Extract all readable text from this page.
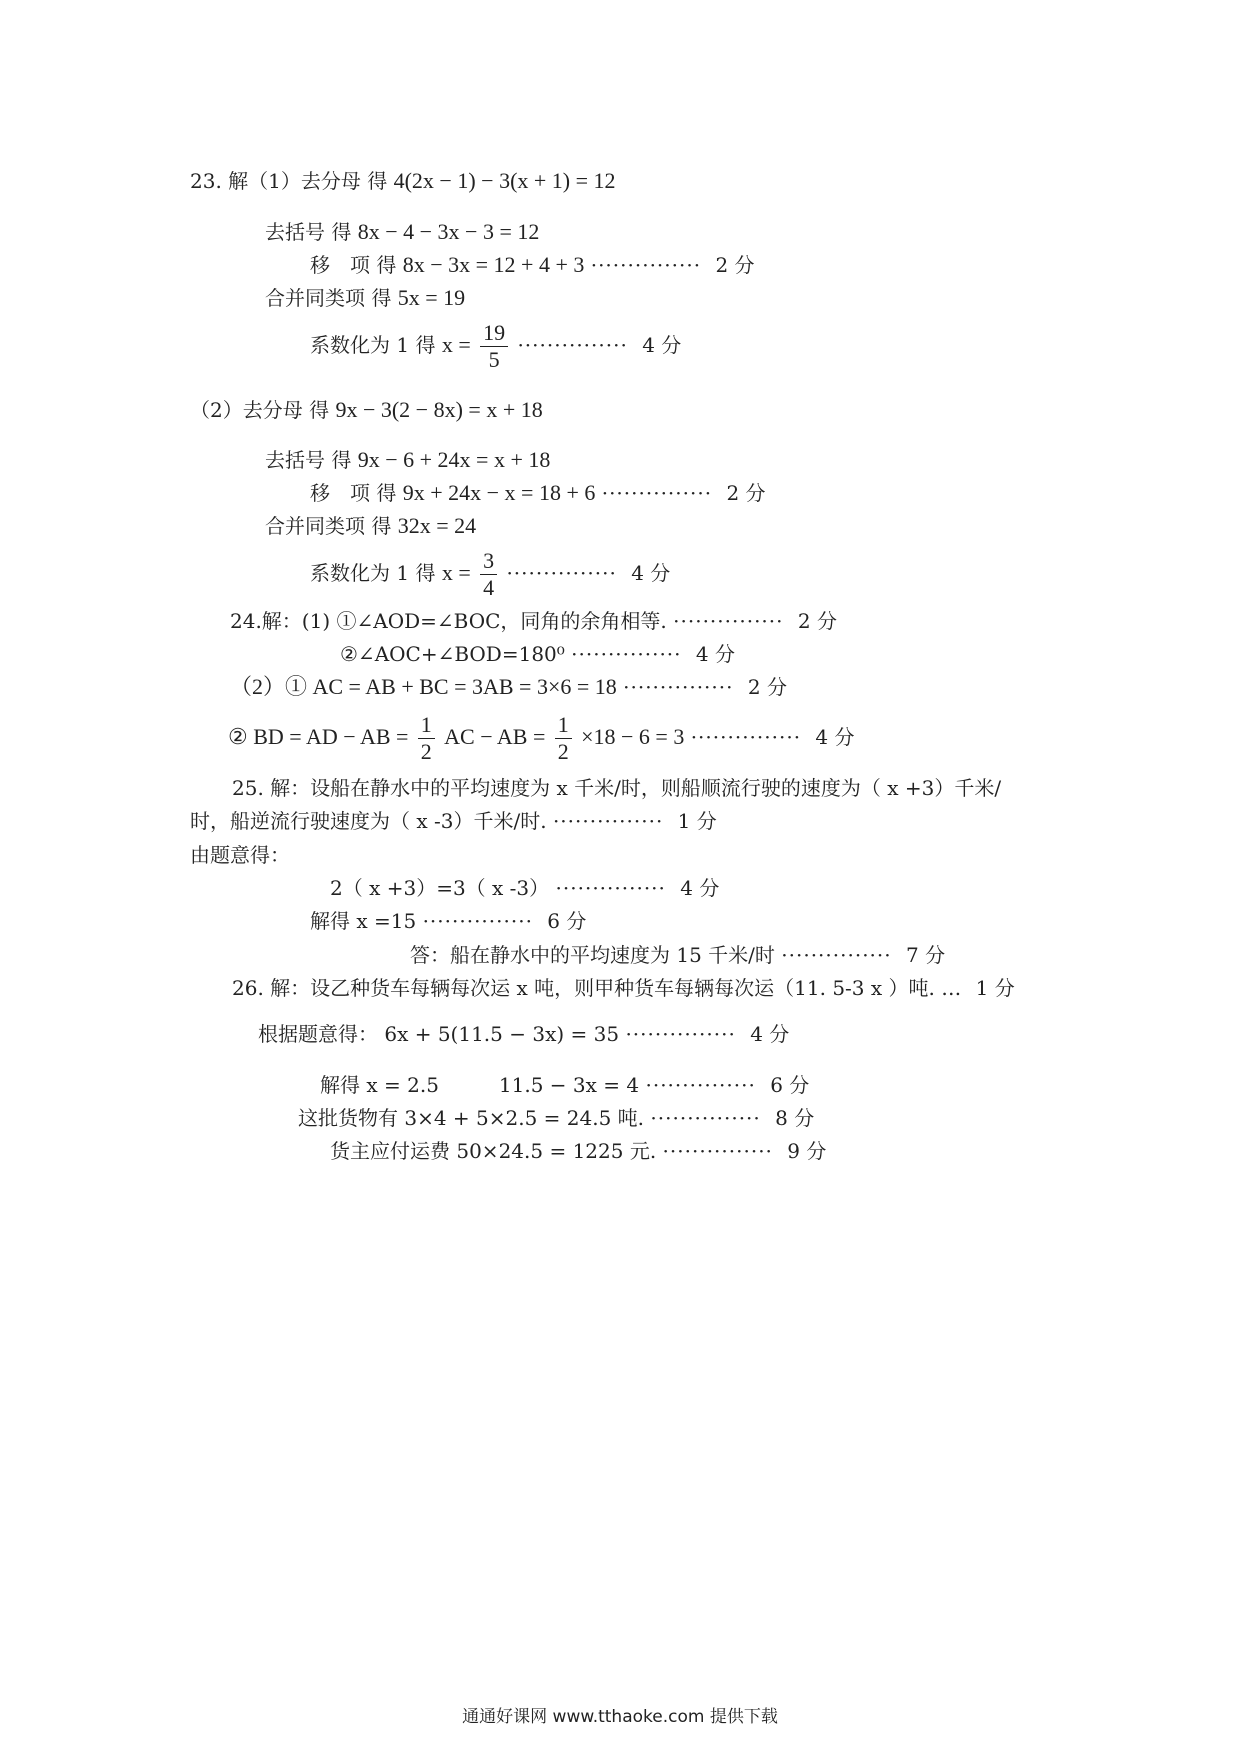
23. 解（1）去分母 得 4(2x − 1) − 3(x + 1) = 12
去括号 得 8x − 4 − 3x − 3 = 12
移　项 得 8x − 3x = 12 + 4 + 3 ··············· 2 分
合并同类项 得 5x = 19
系数化为 1 得 $x = \frac{19}{5}$ ··············· 4 分
（2）去分母 得 9x − 3(2 − 8x) = x + 18
去括号 得 9x − 6 + 24x = x + 18
移　项 得 9x + 24x − x = 18 + 6 ··············· 2 分
合并同类项 得 32x = 24
系数化为 1 得 $x = \frac{3}{4}$ ··············· 4 分
24.解：(1) ①∠AOD=∠BOC，同角的余角相等. ··············· 2 分
②∠AOC+∠BOD=180⁰ ··············· 4 分
（2）① AC = AB + BC = 3AB = 3×6 = 18 ··············· 2 分
② BD = AD − AB = $\frac{1}{2}$ AC − AB = $\frac{1}{2} \times 18 - 6 = 3$ ··············· 4 分
25. 解：设船在静水中的平均速度为 x 千米/时，则船顺流行驶的速度为（ x +3）千米/
时，船逆流行驶速度为（ x -3）千米/时. ··············· 1 分
由题意得：
2（ x +3）=3（ x -3） ··············· 4 分
解得 x =15 ··············· 6 分
答：船在静水中的平均速度为 15 千米/时 ··············· 7 分
26. 解：设乙种货车每辆每次运 x 吨，则甲种货车每辆每次运（11. 5-3 x ）吨. … 1 分
根据题意得： 6x + 5(11.5 − 3x) = 35 ··············· 4 分
解得 x = 2.5　　　11.5 − 3x = 4 ··············· 6 分
这批货物有 3×4 + 5×2.5 = 24.5 吨. ··············· 8 分
货主应付运费 50×24.5 = 1225 元. ··············· 9 分
通通好课网 www.tthaoke.com 提供下载
